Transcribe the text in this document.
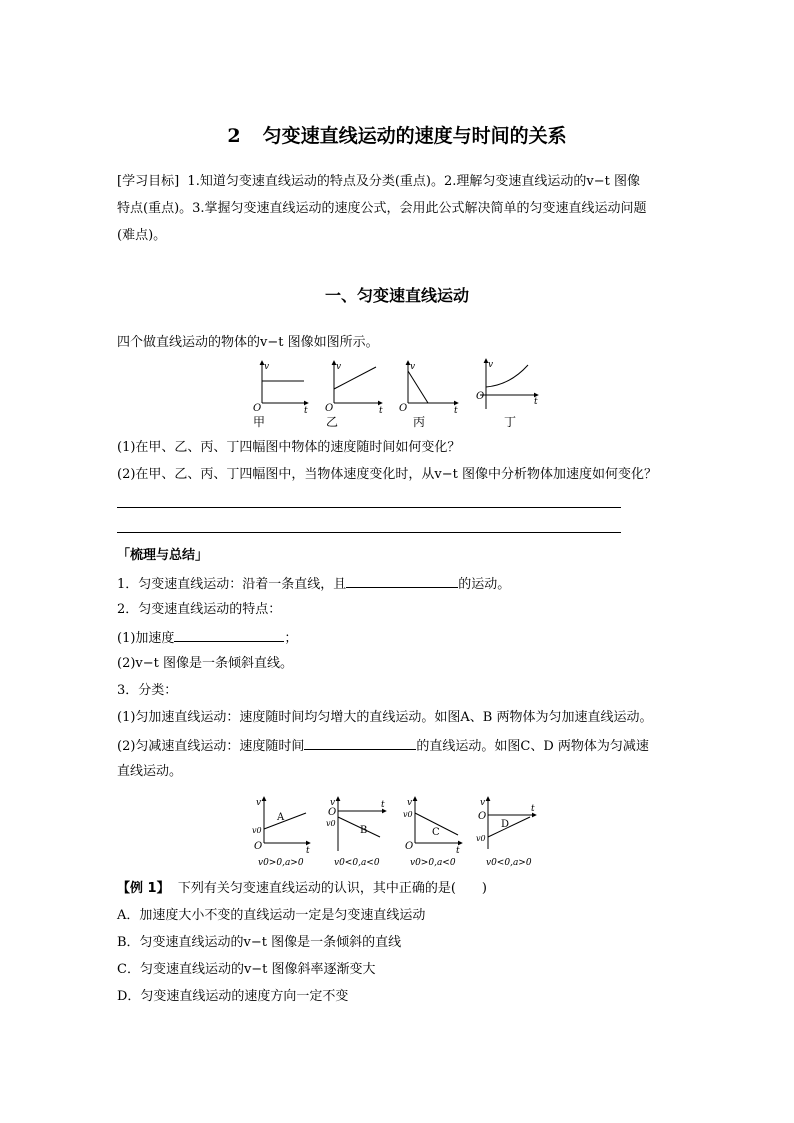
2 匀变速直线运动的速度与时间的关系
[学习目标] 1.知道匀变速直线运动的特点及分类(重点)。2.理解匀变速直线运动的v−t 图像
特点(重点)。3.掌握匀变速直线运动的速度公式，会用此公式解决简单的匀变速直线运动问题
(难点)。
一、匀变速直线运动
四个做直线运动的物体的v−t 图像如图所示。
v
t
O
甲
v
t
O
乙
v
t
O
丙
v
t
O
丁
(1)在甲、乙、丙、丁四幅图中物体的速度随时间如何变化？
(2)在甲、乙、丙、丁四幅图中，当物体速度变化时，从v−t 图像中分析物体加速度如何变化？
「梳理与总结」
1．匀变速直线运动：沿着一条直线，且	的运动。
2．匀变速直线运动的特点：
(1)加速度	；
(2)v−t 图像是一条倾斜直线。
3．分类：
(1)匀加速直线运动：速度随时间均匀增大的直线运动。如图A、B 两物体为匀加速直线运动。
(2)匀减速直线运动：速度随时间	的直线运动。如图C、D 两物体为匀减速
直线运动。
v
t
O
v0
A
v0>0,a>0
v	t
O
v0
B
v0<0,a<0
v
t
O
v0
C
v0>0,a<0
v
t
O
v0
D
v0<0,a>0
【例 1】 下列有关匀变速直线运动的认识，其中正确的是(　　)
A．加速度大小不变的直线运动一定是匀变速直线运动
B．匀变速直线运动的v−t 图像是一条倾斜的直线
C．匀变速直线运动的v−t 图像斜率逐渐变大
D．匀变速直线运动的速度方向一定不变
